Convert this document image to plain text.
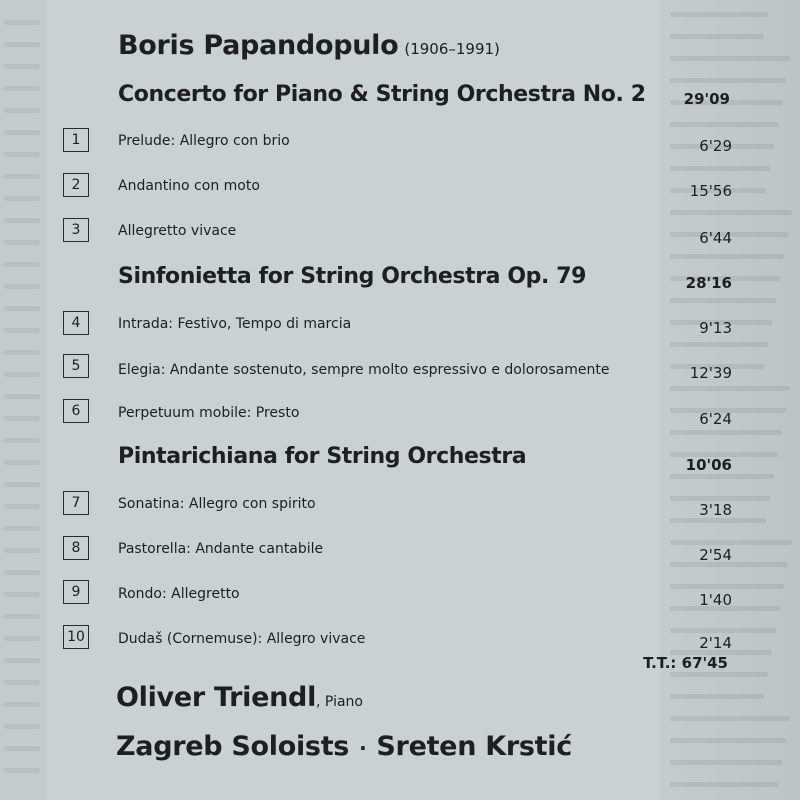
Boris Papandopulo (1906–1991)
Concerto for Piano & String Orchestra No. 2	29'09
1	Prelude: Allegro con brio	6'29
2	Andantino con moto	15'56
3	Allegretto vivace	6'44
Sinfonietta for String Orchestra Op. 79	28'16
4	Intrada: Festivo, Tempo di marcia	9'13
5	Elegia: Andante sostenuto, sempre molto espressivo e dolorosamente	12'39
6	Perpetuum mobile: Presto	6'24
Pintarichiana for String Orchestra	10'06
7	Sonatina: Allegro con spirito	3'18
8	Pastorella: Andante cantabile	2'54
9	Rondo: Allegretto	1'40
10 Dudaš (Cornemuse): Allegro vivace	2'14
T.T.: 67'45
Oliver Triendl, Piano
Zagreb Soloists · Sreten Krstić
